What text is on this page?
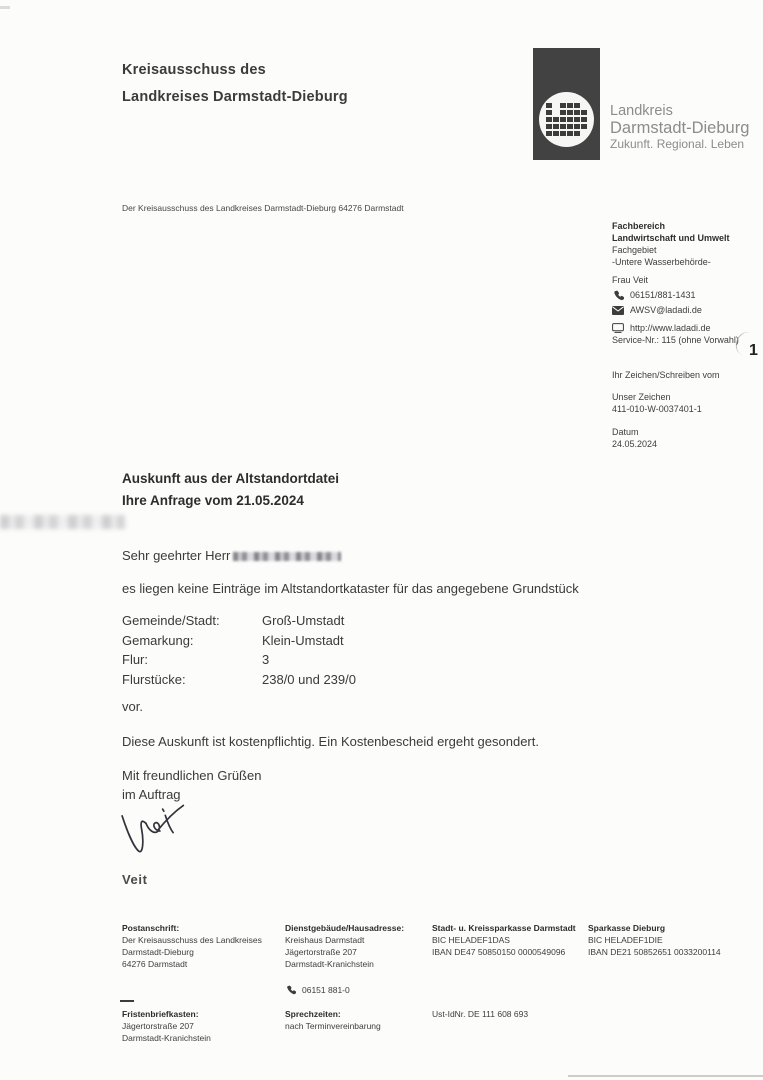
Kreisausschuss des
Landkreises Darmstadt-Dieburg
Der Kreisausschuss des Landkreises Darmstadt-Dieburg 64276 Darmstadt
Landkreis
Darmstadt-Dieburg
Zukunft. Regional. Leben
Fachbereich
Landwirtschaft und Umwelt
Fachgebiet
-Untere Wasserbehörde-
Frau Veit
06151/881-1431
AWSV@ladadi.de
http://www.ladadi.de
Service-Nr.: 115 (ohne Vorwahl)
Ihr Zeichen/Schreiben vom
Unser Zeichen
411-010-W-0037401-1
Datum
24.05.2024
1
Auskunft aus der Altstandortdatei
Ihre Anfrage vom 21.05.2024
Sehr geehrter Herr
es liegen keine Einträge im Altstandortkataster für das angegebene Grundstück
Gemeinde/Stadt:	Groß-Umstadt
Gemarkung:	Klein-Umstadt
Flur:	3
Flurstücke:	238/0 und 239/0
vor.
Diese Auskunft ist kostenpflichtig. Ein Kostenbescheid ergeht gesondert.
Mit freundlichen Grüßen
im Auftrag
Veit
Postanschrift:
Der Kreisausschuss des Landkreises
Darmstadt-Dieburg
64276 Darmstadt
Dienstgebäude/Hausadresse:
Kreishaus Darmstadt
Jägertorstraße 207
Darmstadt-Kranichstein
06151 881-0
Stadt- u. Kreissparkasse Darmstadt
BIC HELADEF1DAS
IBAN DE47 50850150 0000549096
Sparkasse Dieburg
BIC HELADEF1DIE
IBAN DE21 50852651 0033200114
Fristenbriefkasten:
Jägertorstraße 207
Darmstadt-Kranichstein
Sprechzeiten:
nach Terminvereinbarung
Ust-IdNr. DE 111 608 693
